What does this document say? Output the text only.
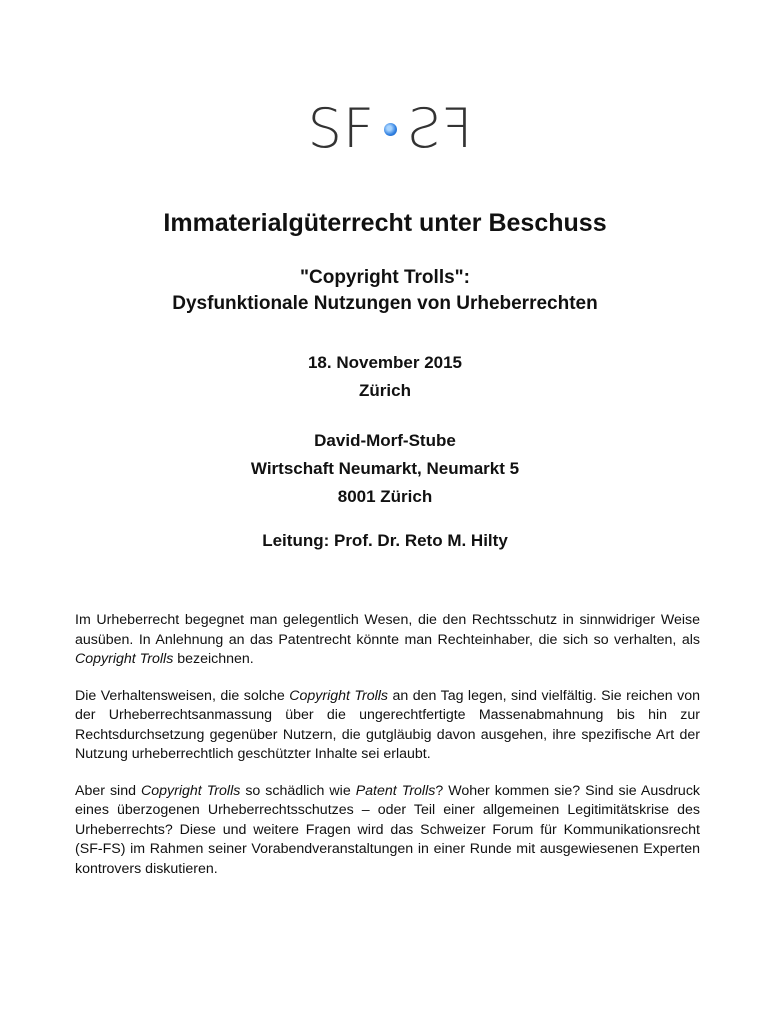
SF FS
Immaterialgüterrecht unter Beschuss
"Copyright Trolls":
Dysfunktionale Nutzungen von Urheberrechten
18. November 2015
Zürich
David-Morf-Stube
Wirtschaft Neumarkt, Neumarkt 5
8001 Zürich
Leitung: Prof. Dr. Reto M. Hilty

Im Urheberrecht begegnet man gelegentlich Wesen, die den Rechtsschutz in sinnwidriger Weise ausüben. In Anlehnung an das Patentrecht könnte man Rechteinhaber, die sich so verhalten, als Copyright Trolls bezeichnen.

Die Verhaltensweisen, die solche Copyright Trolls an den Tag legen, sind vielfältig. Sie reichen von der Urheberrechtsanmassung über die ungerechtfertigte Massenabmahnung bis hin zur Rechtsdurchsetzung gegenüber Nutzern, die gutgläubig davon ausgehen, ihre spezifische Art der Nutzung urheberrechtlich geschützter Inhalte sei erlaubt.

Aber sind Copyright Trolls so schädlich wie Patent Trolls? Woher kommen sie? Sind sie Ausdruck eines überzogenen Urheberrechtsschutzes – oder Teil einer allgemeinen Legitimitätskrise des Urheberrechts? Diese und weitere Fragen wird das Schweizer Forum für Kommunikationsrecht (SF-FS) im Rahmen seiner Vorabendveranstaltungen in einer Runde mit ausgewiesenen Experten kontrovers diskutieren.
